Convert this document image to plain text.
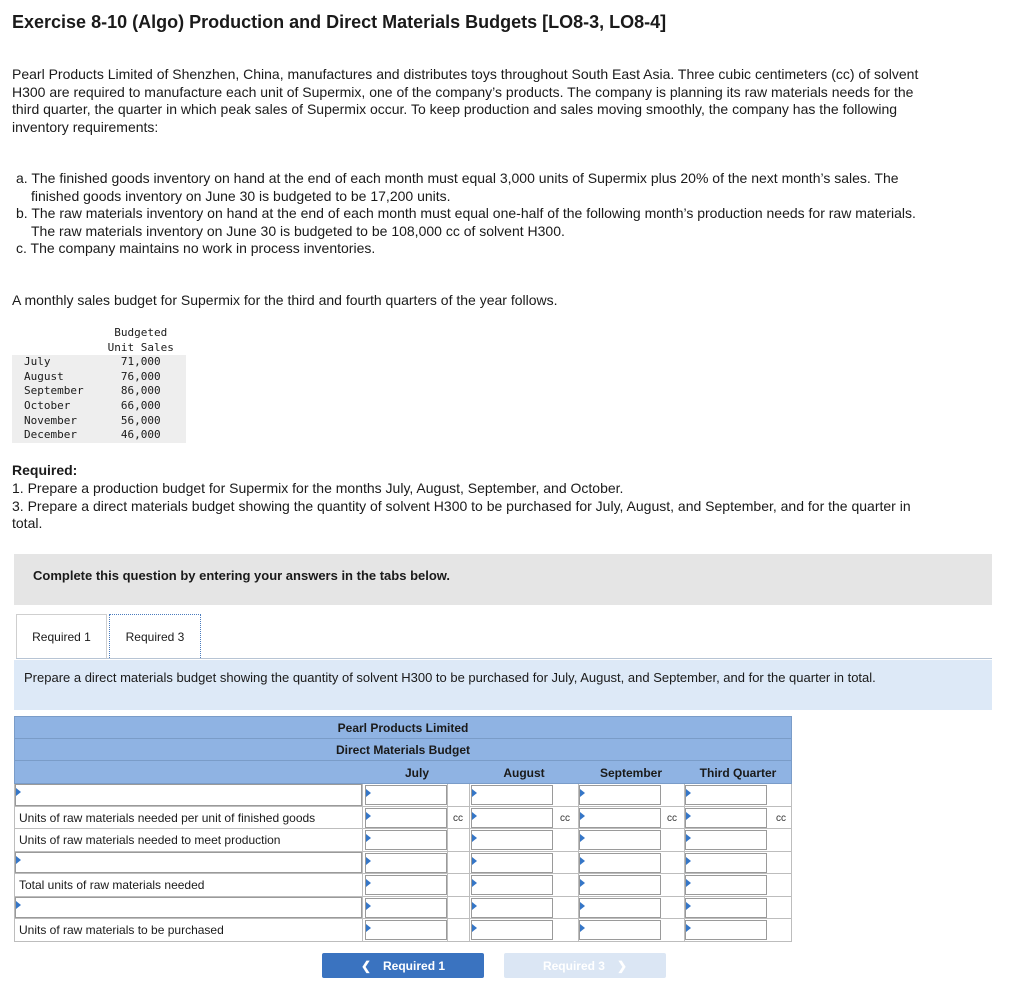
Exercise 8-10 (Algo) Production and Direct Materials Budgets [LO8-3, LO8-4]
Pearl Products Limited of Shenzhen, China, manufactures and distributes toys throughout South East Asia. Three cubic centimeters (cc) of solvent H300 are required to manufacture each unit of Supermix, one of the company’s products. The company is planning its raw materials needs for the third quarter, the quarter in which peak sales of Supermix occur. To keep production and sales moving smoothly, the company has the following inventory requirements:
a. The finished goods inventory on hand at the end of each month must equal 3,000 units of Supermix plus 20% of the next month’s sales. The finished goods inventory on June 30 is budgeted to be 17,200 units.
b. The raw materials inventory on hand at the end of each month must equal one-half of the following month’s production needs for raw materials. The raw materials inventory on June 30 is budgeted to be 108,000 cc of solvent H300.
c. The company maintains no work in process inventories.
A monthly sales budget for Supermix for the third and fourth quarters of the year follows.
	Budgeted
Unit Sales
July	71,000
August	76,000
September	86,000
October	66,000
November	56,000
December	46,000
Required:
1. Prepare a production budget for Supermix for the months July, August, September, and October.
3. Prepare a direct materials budget showing the quantity of solvent H300 to be purchased for July, August, and September, and for the quarter in total.
Complete this question by entering your answers in the tabs below.
Required 1	Required 3
Prepare a direct materials budget showing the quantity of solvent H300 to be purchased for July, August, and September, and for the quarter in total.
Pearl Products Limited
Direct Materials Budget
July	August	September	Third Quarter
Units of raw materials needed per unit of finished goods	cc	cc	cc	cc
Units of raw materials needed to meet production
Total units of raw materials needed
Units of raw materials to be purchased
❮ Required 1	Required 3 ❯
